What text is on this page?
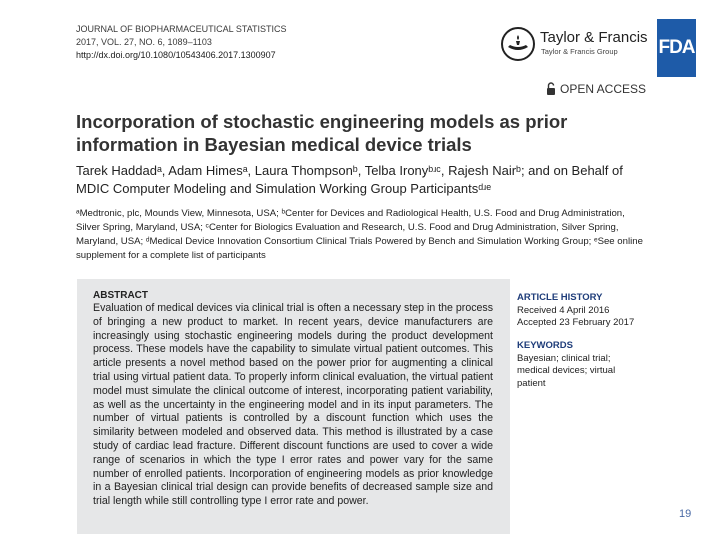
JOURNAL OF BIOPHARMACEUTICAL STATISTICS
2017, VOL. 27, NO. 6, 1089–1103
http://dx.doi.org/10.1080/10543406.2017.1300907
Taylor & Francis
Taylor & Francis Group FDA
OPEN ACCESS
Incorporation of stochastic engineering models as prior information in Bayesian medical device trials
Tarek Haddadᵃ, Adam Himesᵃ, Laura Thompsonᵇ, Telba Ironyᵇʴᶜ, Rajesh Nairᵇ; and on Behalf of MDIC Computer Modeling and Simulation Working Group Participantsᵈʴᵉ
ᵃMedtronic, plc, Mounds View, Minnesota, USA; ᵇCenter for Devices and Radiological Health, U.S. Food and Drug Administration, Silver Spring, Maryland, USA; ᶜCenter for Biologics Evaluation and Research, U.S. Food and Drug Administration, Silver Spring, Maryland, USA; ᵈMedical Device Innovation Consortium Clinical Trials Powered by Bench and Simulation Working Group; ᵉSee online supplement for a complete list of participants
ABSTRACT
Evaluation of medical devices via clinical trial is often a necessary step in the process of bringing a new product to market. In recent years, device manufacturers are increasingly using stochastic engineering models during the product development process. These models have the capability to simulate virtual patient outcomes. This article presents a novel method based on the power prior for augmenting a clinical trial using virtual patient data. To properly inform clinical evaluation, the virtual patient model must simulate the clinical outcome of interest, incorporating patient variability, as well as the uncertainty in the engineering model and in its input parameters. The number of virtual patients is controlled by a discount function which uses the similarity between modeled and observed data. This method is illustrated by a case study of cardiac lead fracture. Different discount functions are used to cover a wide range of scenarios in which the type I error rates and power vary for the same number of enrolled patients. Incorporation of engineering models as prior knowledge in a Bayesian clinical trial design can provide benefits of decreased sample size and trial length while still controlling type I error rate and power.
ARTICLE HISTORY
Received 4 April 2016
Accepted 23 February 2017
KEYWORDS
Bayesian; clinical trial; medical devices; virtual patient
19
